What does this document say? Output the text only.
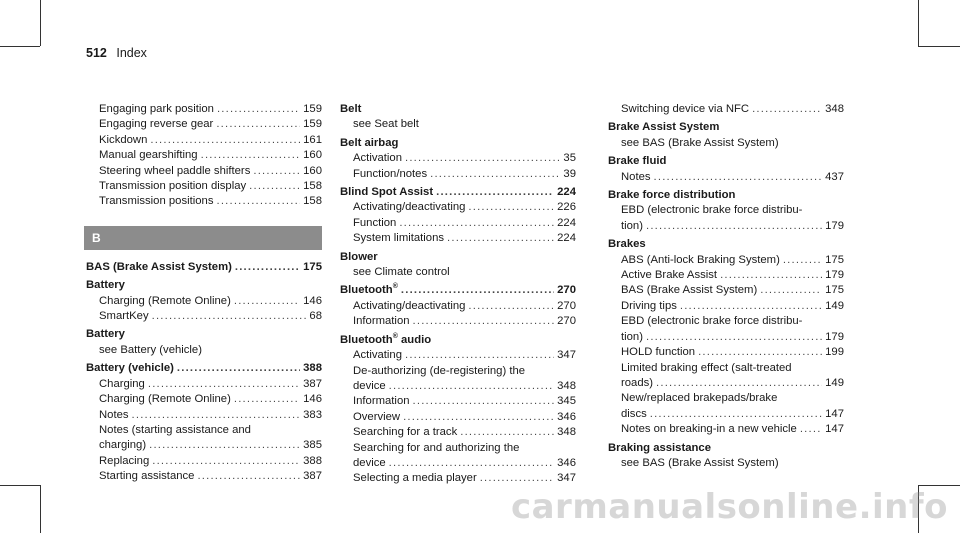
512 Index
Engaging park position .....	159
Engaging reverse gear .....	159
Kickdown .....	161
Manual gearshifting .....	160
Steering wheel paddle shifters .....	160
Transmission position display .....	158
Transmission positions .....	158
B
BAS (Brake Assist System) .....	175
Battery
Charging (Remote Online) .....	146
SmartKey .....	68
Battery
see Battery (vehicle)
Battery (vehicle) .....	388
Charging .....	387
Charging (Remote Online) .....	146
Notes .....	383
Notes (starting assistance and
charging) .....	385
Replacing .....	388
Starting assistance .....	387
Belt
see Seat belt
Belt airbag
Activation .....	35
Function/notes .....	39
Blind Spot Assist .....	224
Activating/deactivating .....	226
Function .....	224
System limitations .....	224
Blower
see Climate control
Bluetooth® .....	270
Activating/deactivating .....	270
Information .....	270
Bluetooth® audio
Activating .....	347
De-authorizing (de-registering) the
device .....	348
Information .....	345
Overview .....	346
Searching for a track .....	348
Searching for and authorizing the
device .....	346
Selecting a media player .....	347
Switching device via NFC .....	348
Brake Assist System
see BAS (Brake Assist System)
Brake fluid
Notes .....	437
Brake force distribution
EBD (electronic brake force distribu-
tion) .....	179
Brakes
ABS (Anti-lock Braking System) .....	175
Active Brake Assist .....	179
BAS (Brake Assist System) .....	175
Driving tips .....	149
EBD (electronic brake force distribu-
tion) .....	179
HOLD function .....	199
Limited braking effect (salt-treated
roads) .....	149
New/replaced brakepads/brake
discs .....	147
Notes on breaking-in a new vehicle .....	147
Braking assistance
see BAS (Brake Assist System)
carmanualsonline.info
